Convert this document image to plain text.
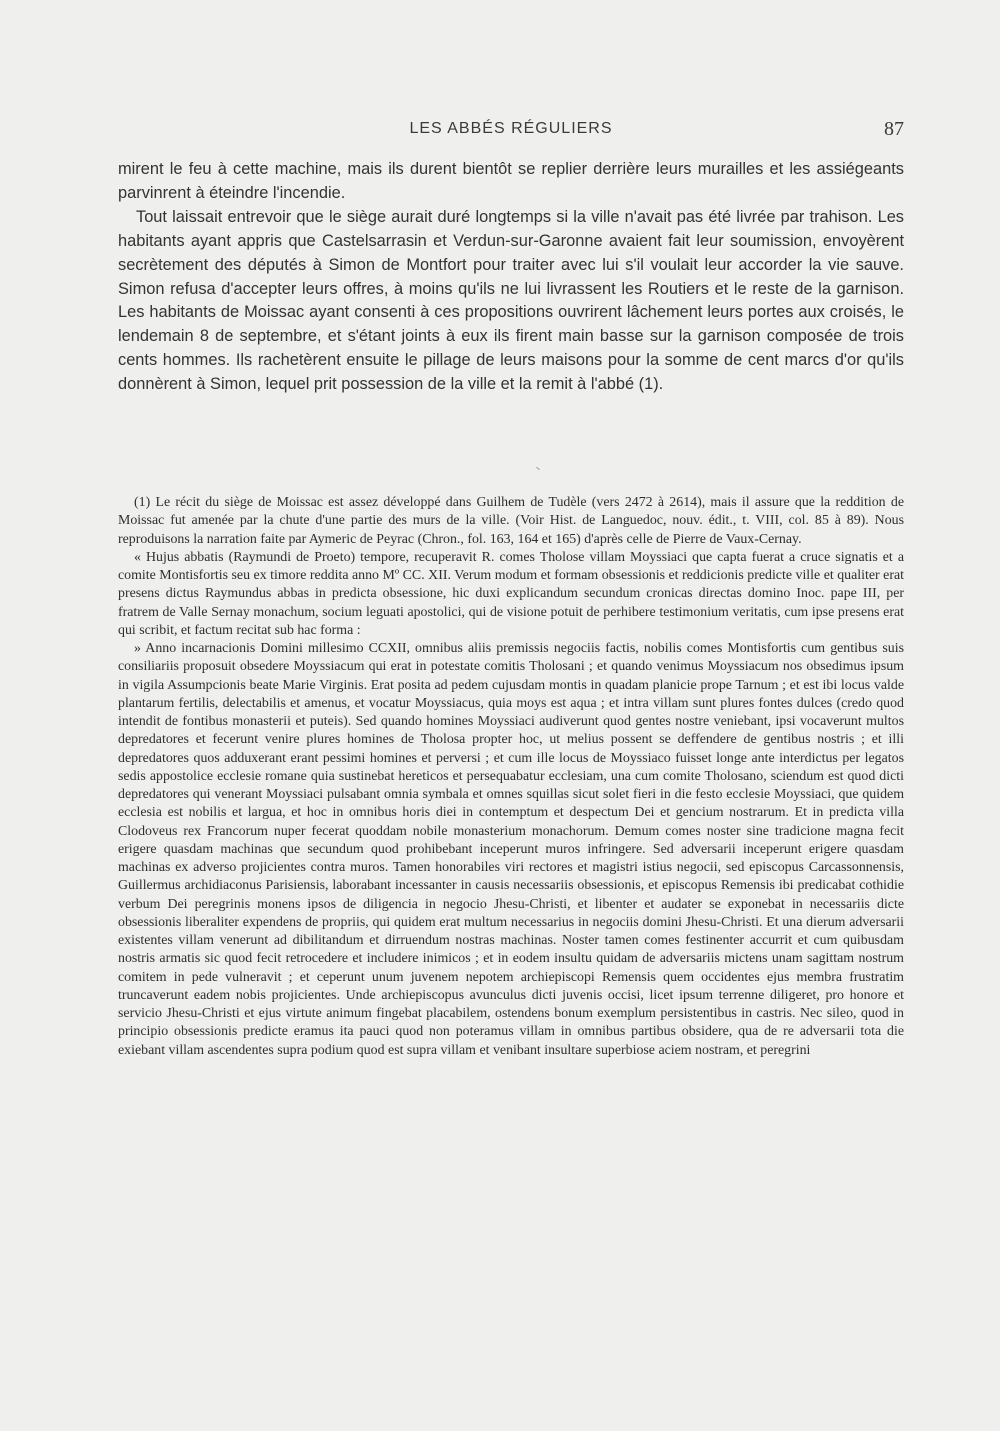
LES ABBÉS RÉGULIERS	87

mirent le feu à cette machine, mais ils durent bientôt se replier derrière leurs murailles et les assiégeants parvinrent à éteindre l'incendie.

Tout laissait entrevoir que le siège aurait duré longtemps si la ville n'avait pas été livrée par trahison. Les habitants ayant appris que Castelsarrasin et Verdun-sur-Garonne avaient fait leur soumission, envoyèrent secrètement des députés à Simon de Montfort pour traiter avec lui s'il voulait leur accorder la vie sauve. Simon refusa d'accepter leurs offres, à moins qu'ils ne lui livrassent les Routiers et le reste de la garnison. Les habitants de Moissac ayant consenti à ces propositions ouvrirent lâchement leurs portes aux croisés, le lendemain 8 de septembre, et s'étant joints à eux ils firent main basse sur la garnison composée de trois cents hommes. Ils rachetèrent ensuite le pillage de leurs maisons pour la somme de cent marcs d'or qu'ils donnèrent à Simon, lequel prit possession de la ville et la remit à l'abbé (1).

(1) Le récit du siège de Moissac est assez développé dans Guilhem de Tudèle (vers 2472 à 2614), mais il assure que la reddition de Moissac fut amenée par la chute d'une partie des murs de la ville. (Voir Hist. de Languedoc, nouv. édit., t. VIII, col. 85 à 89). Nous reproduisons la narration faite par Aymeric de Peyrac (Chron., fol. 163, 164 et 165) d'après celle de Pierre de Vaux-Cernay.

« Hujus abbatis (Raymundi de Proeto) tempore, recuperavit R. comes Tholose villam Moyssiaci que capta fuerat a cruce signatis et a comite Montisfortis seu ex timore reddita anno Mº CC. XII. Verum modum et formam obsessionis et reddicionis predicte ville et qualiter erat presens dictus Raymundus abbas in predicta obsessione, hic duxi explicandum secundum cronicas directas domino Inoc. pape III, per fratrem de Valle Sernay monachum, socium leguati apostolici, qui de visione potuit de perhibere testimonium veritatis, cum ipse presens erat qui scribit, et factum recitat sub hac forma :

» Anno incarnacionis Domini millesimo CCXII, omnibus aliis premissis negociis factis, nobilis comes Montisfortis cum gentibus suis consiliariis proposuit obsedere Moyssiacum qui erat in potestate comitis Tholosani ; et quando venimus Moyssiacum nos obsedimus ipsum in vigila Assumpcionis beate Marie Virginis. Erat posita ad pedem cujusdam montis in quadam planicie prope Tarnum ; et est ibi locus valde plantarum fertilis, delectabilis et amenus, et vocatur Moyssiacus, quia moys est aqua ; et intra villam sunt plures fontes dulces (credo quod intendit de fontibus monasterii et puteis). Sed quando homines Moyssiaci audiverunt quod gentes nostre veniebant, ipsi vocaverunt multos depredatores et fecerunt venire plures homines de Tholosa propter hoc, ut melius possent se deffendere de gentibus nostris ; et illi depredatores quos adduxerant erant pessimi homines et perversi ; et cum ille locus de Moyssiaco fuisset longe ante interdictus per legatos sedis appostolice ecclesie romane quia sustinebat hereticos et persequabatur ecclesiam, una cum comite Tholosano, sciendum est quod dicti depredatores qui venerant Moyssiaci pulsabant omnia symbala et omnes squillas sicut solet fieri in die festo ecclesie Moyssiaci, que quidem ecclesia est nobilis et largua, et hoc in omnibus horis diei in contemptum et despectum Dei et gencium nostrarum. Et in predicta villa Clodoveus rex Francorum nuper fecerat quoddam nobile monasterium monachorum. Demum comes noster sine tradicione magna fecit erigere quasdam machinas que secundum quod prohibebant inceperunt muros infringere. Sed adversarii inceperunt erigere quasdam machinas ex adverso projicientes contra muros. Tamen honorabiles viri rectores et magistri istius negocii, sed episcopus Carcassonnensis, Guillermus archidiaconus Parisiensis, laborabant incessanter in causis necessariis obsessionis, et episcopus Remensis ibi predicabat cothidie verbum Dei peregrinis monens ipsos de diligencia in negocio Jhesu-Christi, et libenter et audater se exponebat in necessariis dicte obsessionis liberaliter expendens de propriis, qui quidem erat multum necessarius in negociis domini Jhesu-Christi. Et una dierum adversarii existentes villam venerunt ad dibilitandum et dirruendum nostras machinas. Noster tamen comes festinenter accurrit et cum quibusdam nostris armatis sic quod fecit retrocedere et includere inimicos ; et in eodem insultu quidam de adversariis mictens unam sagittam nostrum comitem in pede vulneravit ; et ceperunt unum juvenem nepotem archiepiscopi Remensis quem occidentes ejus membra frustratim truncaverunt eadem nobis projicientes. Unde archiepiscopus avunculus dicti juvenis occisi, licet ipsum terrenne diligeret, pro honore et servicio Jhesu-Christi et ejus virtute animum fingebat placabilem, ostendens bonum exemplum persistentibus in castris. Nec sileo, quod in principio obsessionis predicte eramus ita pauci quod non poteramus villam in omnibus partibus obsidere, qua de re adversarii tota die exiebant villam ascendentes supra podium quod est supra villam et venibant insultare superbiose aciem nostram, et peregrini
